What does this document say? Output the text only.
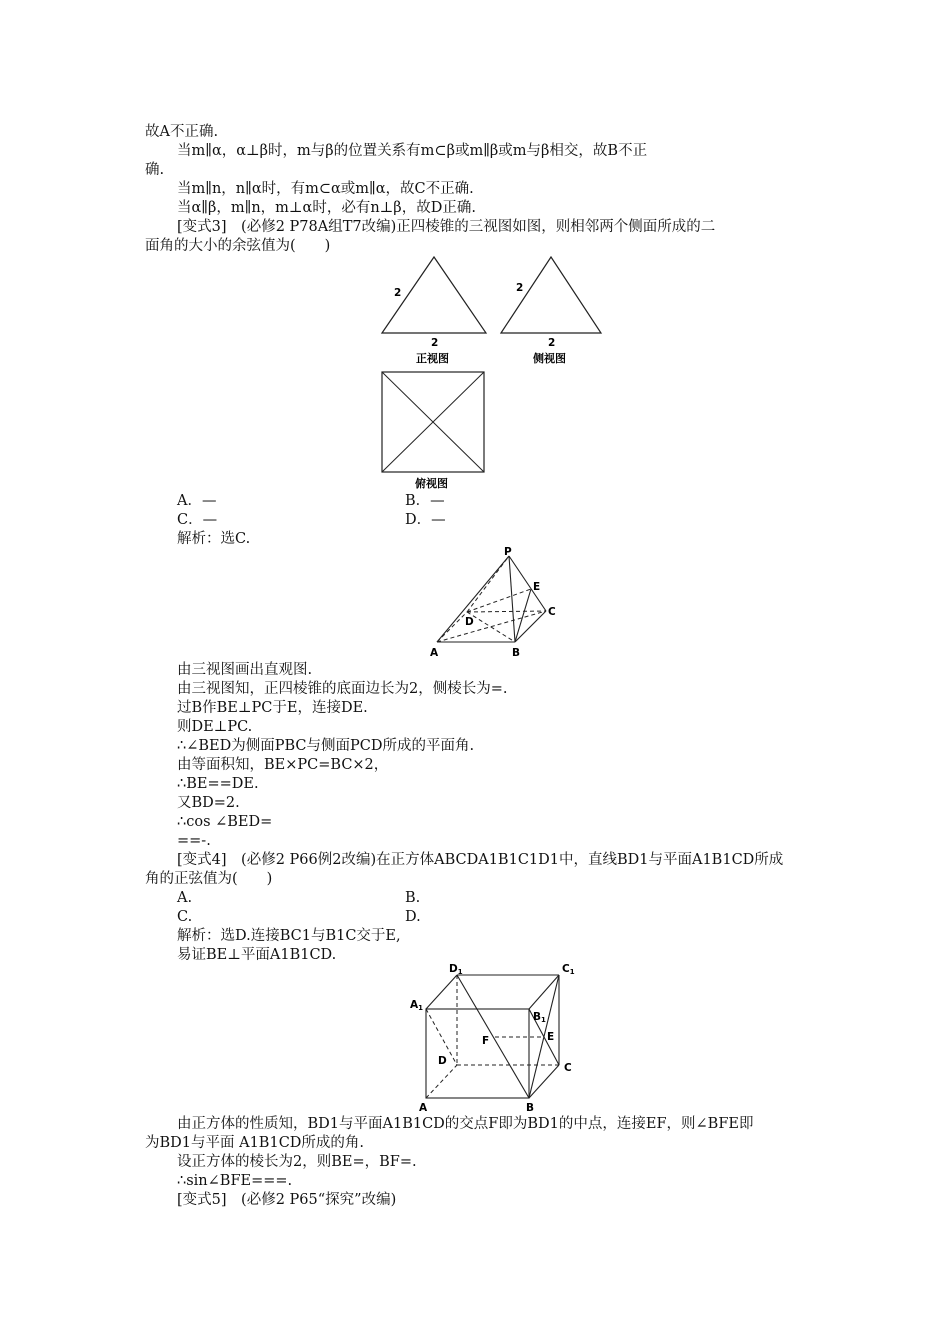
故A不正确.
当m∥α，α⊥β时，m与β的位置关系有m⊂β或m∥β或m与β相交，故B不正
确.
当m∥n，n∥α时，有m⊂α或m∥α，故C不正确.
当α∥β，m∥n，m⊥α时，必有n⊥β，故D正确.
[变式3]　(必修2 P78A组T7改编)正四棱锥的三视图如图，则相邻两个侧面所成的二
面角的大小的余弦值为(　　)
2
2
正视图
2
2
侧视图
俯视图
A．—	B．—
C．—	D．—
解析：选C.
P
E
C
D
A	B
由三视图画出直观图.
由三视图知，正四棱锥的底面边长为2，侧棱长为=.
过B作BE⊥PC于E，连接DE.
则DE⊥PC.
∴∠BED为侧面PBC与侧面PCD所成的平面角.
由等面积知，BE×PC=BC×2，
∴BE==DE.
又BD=2.
∴cos ∠BED=
==-.
[变式4]　(必修2 P66例2改编)在正方体ABCDA1B1C1D1中，直线BD1与平面A1B1CD所成
角的正弦值为(　　)
A.	B.
C.	D.
解析：选D.连接BC1与B1C交于E,
易证BE⊥平面A1B1CD.
D1	C1
A1
B1
E
F
D
C
A	B
由正方体的性质知，BD1与平面A1B1CD的交点F即为BD1的中点，连接EF，则∠BFE即
为BD1与平面 A1B1CD所成的角.
设正方体的棱长为2，则BE=，BF=.
∴sin∠BFE===.
[变式5]　(必修2 P65“探究”改编)
